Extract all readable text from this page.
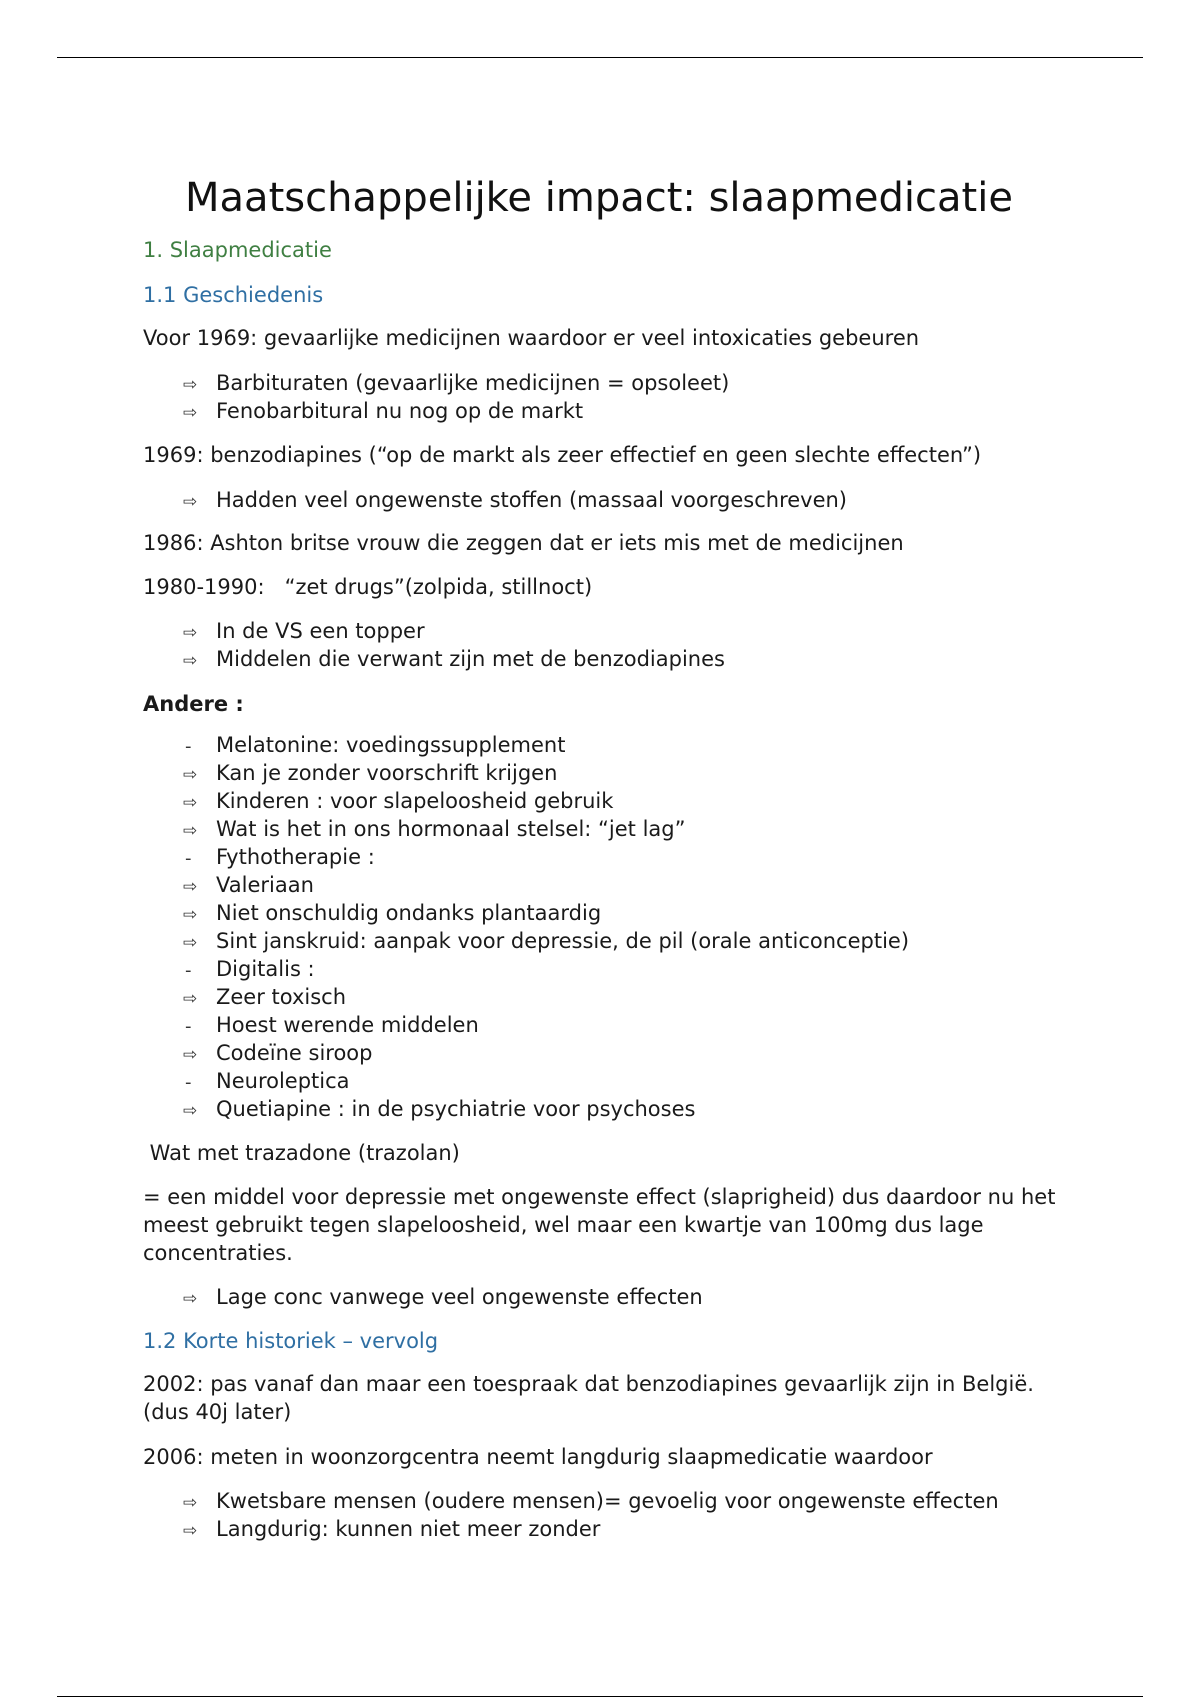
Maatschappelijke impact: slaapmedicatie

1. Slaapmedicatie

1.1 Geschiedenis

Voor 1969: gevaarlijke medicijnen waardoor er veel intoxicaties gebeuren

⇨ Barbituraten (gevaarlijke medicijnen = opsoleet)
⇨ Fenobarbitural nu nog op de markt

1969: benzodiapines (“op de markt als zeer effectief en geen slechte effecten”)

⇨ Hadden veel ongewenste stoffen (massaal voorgeschreven)

1986: Ashton britse vrouw die zeggen dat er iets mis met de medicijnen

1980-1990:   “zet drugs”(zolpida, stillnoct)

⇨ In de VS een topper
⇨ Middelen die verwant zijn met de benzodiapines

Andere :

- Melatonine: voedingssupplement
⇨ Kan je zonder voorschrift krijgen
⇨ Kinderen : voor slapeloosheid gebruik
⇨ Wat is het in ons hormonaal stelsel: “jet lag”
- Fythotherapie :
⇨ Valeriaan
⇨ Niet onschuldig ondanks plantaardig
⇨ Sint janskruid: aanpak voor depressie, de pil (orale anticonceptie)
- Digitalis :
⇨ Zeer toxisch
- Hoest werende middelen
⇨ Codeïne siroop
- Neuroleptica
⇨ Quetiapine : in de psychiatrie voor psychoses

Wat met trazadone (trazolan)

= een middel voor depressie met ongewenste effect (slaprigheid) dus daardoor nu het meest gebruikt tegen slapeloosheid, wel maar een kwartje van 100mg dus lage concentraties.

⇨ Lage conc vanwege veel ongewenste effecten

1.2 Korte historiek – vervolg

2002: pas vanaf dan maar een toespraak dat benzodiapines gevaarlijk zijn in België. (dus 40j later)

2006: meten in woonzorgcentra neemt langdurig slaapmedicatie waardoor

⇨ Kwetsbare mensen (oudere mensen)= gevoelig voor ongewenste effecten
⇨ Langdurig: kunnen niet meer zonder
